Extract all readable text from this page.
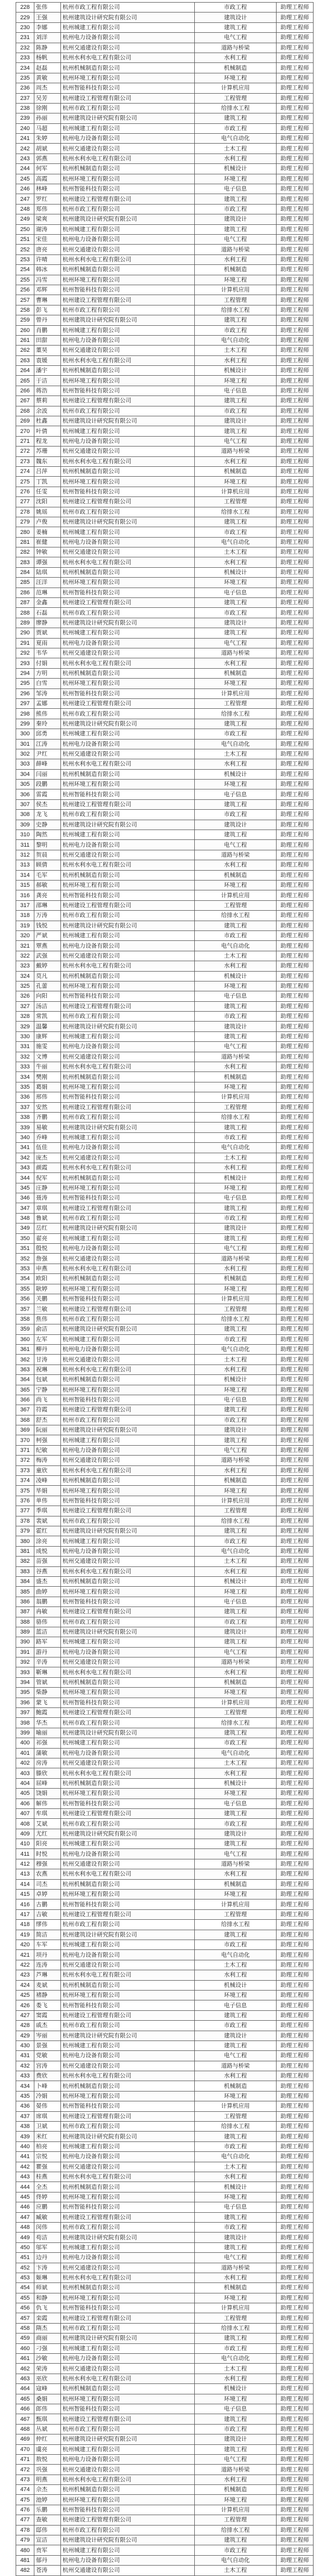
228	张伟	杭州市政工程有限公司	市政工程	助理工程师
229	王强	杭州建筑设计研究院有限公司	建筑设计	助理工程师
230	李娜	杭州城建工程有限公司	建筑工程	助理工程师
231	刘洋	杭州电力设备有限公司	电气工程	助理工程师
232	陈静	杭州交通建设有限公司	道路与桥梁	助理工程师
233	杨帆	杭州水利水电工程有限公司	水利工程	助理工程师
234	赵磊	杭州机械制造有限公司	机械制造	助理工程师
235	黄敏	杭州环境工程有限公司	环境工程	助理工程师
236	周杰	杭州智能科技有限公司	计算机应用	助理工程师
237	吴芳	杭州建设工程管理有限公司	工程管理	助理工程师
238	徐刚	杭州市政工程有限公司	给排水工程	助理工程师
239	孙丽	杭州建筑设计研究院有限公司	建筑工程	助理工程师
240	马超	杭州城建工程有限公司	市政工程	助理工程师
241	朱婷	杭州电力设备有限公司	电气自动化	助理工程师
242	胡斌	杭州交通建设有限公司	土木工程	助理工程师
243	郭燕	杭州水利水电工程有限公司	水利工程	助理工程师
244	何军	杭州机械制造有限公司	机械设计	助理工程师
245	高霞	杭州环境工程有限公司	环境工程	助理工程师
246	林峰	杭州智能科技有限公司	电子信息	助理工程师
247	罗红	杭州建设工程管理有限公司	建筑工程	助理工程师
248	郑伟	杭州市政工程有限公司	市政工程	助理工程师
249	梁爽	杭州建筑设计研究院有限公司	建筑设计	助理工程师
250	谢涛	杭州城建工程有限公司	建筑工程	助理工程师
251	宋佳	杭州电力设备有限公司	电气工程	助理工程师
252	唐亮	杭州交通建设有限公司	道路与桥梁	助理工程师
253	许晴	杭州水利水电工程有限公司	水利工程	助理工程师
254	韩冰	杭州机械制造有限公司	机械制造	助理工程师
255	冯雪	杭州环境工程有限公司	环境工程	助理工程师
256	邓辉	杭州智能科技有限公司	计算机应用	助理工程师
257	曹琳	杭州建设工程管理有限公司	工程管理	助理工程师
258	彭飞	杭州市政工程有限公司	给排水工程	助理工程师
259	曾丹	杭州建筑设计研究院有限公司	建筑工程	助理工程师
260	肖鹏	杭州城建工程有限公司	市政工程	助理工程师
261	田甜	杭州电力设备有限公司	电气自动化	助理工程师
262	董昊	杭州交通建设有限公司	土木工程	助理工程师
263	袁媛	杭州水利水电工程有限公司	水利工程	助理工程师
264	潘宇	杭州机械制造有限公司	机械设计	助理工程师
265	于洁	杭州环境工程有限公司	环境工程	助理工程师
266	蒋浩	杭州智能科技有限公司	电子信息	助理工程师
267	蔡莉	杭州建设工程管理有限公司	建筑工程	助理工程师
268	余波	杭州市政工程有限公司	市政工程	助理工程师
269	杜鑫	杭州建筑设计研究院有限公司	建筑设计	助理工程师
270	叶倩	杭州城建工程有限公司	建筑工程	助理工程师
271	程龙	杭州电力设备有限公司	电气工程	助理工程师
272	苏珊	杭州交通建设有限公司	道路与桥梁	助理工程师
273	魏东	杭州水利水电工程有限公司	水利工程	助理工程师
274	吕萍	杭州机械制造有限公司	机械制造	助理工程师
275	丁凯	杭州环境工程有限公司	环境工程	助理工程师
276	任雯	杭州智能科技有限公司	计算机应用	助理工程师
277	沈阳	杭州建设工程管理有限公司	工程管理	助理工程师
278	姚瑶	杭州市政工程有限公司	给排水工程	助理工程师
279	卢俊	杭州建筑设计研究院有限公司	建筑工程	助理工程师
280	姜楠	杭州城建工程有限公司	市政工程	助理工程师
281	崔健	杭州电力设备有限公司	电气自动化	助理工程师
282	钟敏	杭州交通建设有限公司	土木工程	助理工程师
283	谭强	杭州水利水电工程有限公司	水利工程	助理工程师
284	陆琪	杭州机械制造有限公司	机械设计	助理工程师
285	汪洋	杭州环境工程有限公司	环境工程	助理工程师
286	范琳	杭州智能科技有限公司	电子信息	助理工程师
287	金鑫	杭州建设工程管理有限公司	建筑工程	助理工程师
288	石磊	杭州市政工程有限公司	市政工程	助理工程师
289	廖静	杭州建筑设计研究院有限公司	建筑设计	助理工程师
290	贾斌	杭州城建工程有限公司	建筑工程	助理工程师
291	夏雨	杭州电力设备有限公司	电气工程	助理工程师
292	韦华	杭州交通建设有限公司	道路与桥梁	助理工程师
293	付娟	杭州水利水电工程有限公司	水利工程	助理工程师
294	方明	杭州机械制造有限公司	机械制造	助理工程师
295	白雪	杭州环境工程有限公司	环境工程	助理工程师
296	邹涛	杭州智能科技有限公司	计算机应用	助理工程师
297	孟娜	杭州建设工程管理有限公司	工程管理	助理工程师
298	熊伟	杭州市政工程有限公司	给排水工程	助理工程师
299	秦玲	杭州建筑设计研究院有限公司	建筑工程	助理工程师
300	邱勇	杭州城建工程有限公司	市政工程	助理工程师
301	江涛	杭州电力设备有限公司	电气自动化	助理工程师
302	尹红	杭州交通建设有限公司	土木工程	助理工程师
303	薛峰	杭州水利水电工程有限公司	水利工程	助理工程师
304	闫丽	杭州机械制造有限公司	机械设计	助理工程师
305	段鹏	杭州环境工程有限公司	环境工程	助理工程师
306	雷霞	杭州智能科技有限公司	电子信息	助理工程师
307	侯杰	杭州建设工程管理有限公司	建筑工程	助理工程师
308	龙飞	杭州市政工程有限公司	市政工程	助理工程师
309	史静	杭州建筑设计研究院有限公司	建筑设计	助理工程师
310	陶然	杭州城建工程有限公司	建筑工程	助理工程师
311	黎明	杭州电力设备有限公司	电气工程	助理工程师
312	贺晨	杭州交通建设有限公司	道路与桥梁	助理工程师
313	顾倩	杭州水利水电工程有限公司	水利工程	助理工程师
314	毛军	杭州机械制造有限公司	机械制造	助理工程师
315	郝敏	杭州环境工程有限公司	环境工程	助理工程师
316	龚亮	杭州智能科技有限公司	计算机应用	助理工程师
317	邵琳	杭州建设工程管理有限公司	工程管理	助理工程师
318	万涛	杭州市政工程有限公司	给排水工程	助理工程师
319	钱悦	杭州建筑设计研究院有限公司	建筑工程	助理工程师
320	严斌	杭州城建工程有限公司	市政工程	助理工程师
321	覃燕	杭州电力设备有限公司	电气自动化	助理工程师
322	武强	杭州交通建设有限公司	土木工程	助理工程师
323	戴婷	杭州水利水电工程有限公司	水利工程	助理工程师
324	莫凡	杭州机械制造有限公司	机械设计	助理工程师
325	孔蕾	杭州环境工程有限公司	环境工程	助理工程师
326	向阳	杭州智能科技有限公司	电子信息	助理工程师
327	汤洁	杭州建设工程管理有限公司	建筑工程	助理工程师
328	常凯	杭州市政工程有限公司	市政工程	助理工程师
329	温馨	杭州建筑设计研究院有限公司	建筑设计	助理工程师
330	康辉	杭州城建工程有限公司	建筑工程	助理工程师
331	施雯	杭州电力设备有限公司	电气工程	助理工程师
332	文博	杭州交通建设有限公司	道路与桥梁	助理工程师
333	牛丽	杭州水利水电工程有限公司	水利工程	助理工程师
334	樊刚	杭州机械制造有限公司	机械制造	助理工程师
335	葛娟	杭州环境工程有限公司	环境工程	助理工程师
336	邢伟	杭州智能科技有限公司	计算机应用	助理工程师
337	安然	杭州建设工程管理有限公司	工程管理	助理工程师
338	齐鹏	杭州市政工程有限公司	给排水工程	助理工程师
339	易敏	杭州建筑设计研究院有限公司	建筑工程	助理工程师
340	乔峰	杭州城建工程有限公司	市政工程	助理工程师
341	伍佳	杭州电力设备有限公司	电气自动化	助理工程师
342	庞杰	杭州交通建设有限公司	土木工程	助理工程师
343	颜霞	杭州水利水电工程有限公司	水利工程	助理工程师
344	倪军	杭州机械制造有限公司	机械设计	助理工程师
345	庄静	杭州环境工程有限公司	环境工程	助理工程师
346	聂涛	杭州智能科技有限公司	电子信息	助理工程师
347	章琪	杭州建设工程管理有限公司	建筑工程	助理工程师
348	鲁斌	杭州市政工程有限公司	市政工程	助理工程师
349	岳红	杭州建筑设计研究院有限公司	建筑设计	助理工程师
350	翟亮	杭州城建工程有限公司	建筑工程	助理工程师
351	殷悦	杭州电力设备有限公司	电气工程	助理工程师
352	詹强	杭州交通建设有限公司	道路与桥梁	助理工程师
353	申燕	杭州水利水电工程有限公司	水利工程	助理工程师
354	欧阳	杭州机械制造有限公司	机械制造	助理工程师
355	耿婷	杭州环境工程有限公司	环境工程	助理工程师
356	关鹏	杭州智能科技有限公司	计算机应用	助理工程师
357	兰敏	杭州建设工程管理有限公司	工程管理	助理工程师
358	焦伟	杭州市政工程有限公司	给排水工程	助理工程师
359	俞洁	杭州建筑设计研究院有限公司	建筑工程	助理工程师
360	左军	杭州城建工程有限公司	市政工程	助理工程师
361	柳丹	杭州电力设备有限公司	电气自动化	助理工程师
362	甘涛	杭州交通建设有限公司	土木工程	助理工程师
363	祝琳	杭州水利水电工程有限公司	水利工程	助理工程师
364	包斌	杭州机械制造有限公司	机械设计	助理工程师
365	宁静	杭州环境工程有限公司	环境工程	助理工程师
366	尚飞	杭州智能科技有限公司	电子信息	助理工程师
367	符霞	杭州建设工程管理有限公司	建筑工程	助理工程师
368	舒杰	杭州市政工程有限公司	市政工程	助理工程师
369	阮丽	杭州建筑设计研究院有限公司	建筑设计	助理工程师
370	柯强	杭州城建工程有限公司	建筑工程	助理工程师
371	纪敏	杭州电力设备有限公司	电气工程	助理工程师
372	梅涛	杭州交通建设有限公司	道路与桥梁	助理工程师
373	童欣	杭州水利水电工程有限公司	水利工程	助理工程师
374	凌峰	杭州机械制造有限公司	机械制造	助理工程师
375	毕娟	杭州环境工程有限公司	环境工程	助理工程师
376	单伟	杭州智能科技有限公司	计算机应用	助理工程师
377	季琪	杭州建设工程管理有限公司	工程管理	助理工程师
378	裴斌	杭州市政工程有限公司	给排水工程	助理工程师
379	霍红	杭州建筑设计研究院有限公司	建筑工程	助理工程师
380	涂亮	杭州城建工程有限公司	市政工程	助理工程师
381	成悦	杭州电力设备有限公司	电气自动化	助理工程师
382	苗强	杭州交通建设有限公司	土木工程	助理工程师
383	谷燕	杭州水利水电工程有限公司	水利工程	助理工程师
384	盛杰	杭州机械制造有限公司	机械设计	助理工程师
385	曲婷	杭州环境工程有限公司	环境工程	助理工程师
386	翁鹏	杭州智能科技有限公司	电子信息	助理工程师
387	冉敏	杭州建设工程管理有限公司	建筑工程	助理工程师
388	骆伟	杭州市政工程有限公司	市政工程	助理工程师
389	蓝洁	杭州建筑设计研究院有限公司	建筑设计	助理工程师
390	路军	杭州城建工程有限公司	建筑工程	助理工程师
391	游丹	杭州电力设备有限公司	电气工程	助理工程师
392	辛涛	杭州交通建设有限公司	道路与桥梁	助理工程师
393	靳琳	杭州水利水电工程有限公司	水利工程	助理工程师
394	管斌	杭州机械制造有限公司	机械制造	助理工程师
395	柴静	杭州环境工程有限公司	环境工程	助理工程师
396	蒙飞	杭州智能科技有限公司	计算机应用	助理工程师
397	鲍霞	杭州建设工程管理有限公司	工程管理	助理工程师
398	华杰	杭州市政工程有限公司	给排水工程	助理工程师
399	喻丽	杭州建筑设计研究院有限公司	建筑工程	助理工程师
400	祁强	杭州城建工程有限公司	市政工程	助理工程师
401	蒲敏	杭州电力设备有限公司	电气自动化	助理工程师
402	房涛	杭州交通建设有限公司	土木工程	助理工程师
403	滕欣	杭州水利水电工程有限公司	水利工程	助理工程师
404	屈峰	杭州机械制造有限公司	机械设计	助理工程师
405	饶娟	杭州环境工程有限公司	环境工程	助理工程师
406	解伟	杭州智能科技有限公司	电子信息	助理工程师
407	牟琪	杭州建设工程管理有限公司	建筑工程	助理工程师
408	艾斌	杭州市政工程有限公司	市政工程	助理工程师
409	尤红	杭州建筑设计研究院有限公司	建筑设计	助理工程师
410	阳亮	杭州城建工程有限公司	建筑工程	助理工程师
411	时悦	杭州电力设备有限公司	电气工程	助理工程师
412	穆强	杭州交通建设有限公司	道路与桥梁	助理工程师
413	农燕	杭州水利水电工程有限公司	水利工程	助理工程师
414	司杰	杭州机械制造有限公司	机械制造	助理工程师
415	卓婷	杭州环境工程有限公司	环境工程	助理工程师
416	古鹏	杭州智能科技有限公司	计算机应用	助理工程师
417	吉敏	杭州建设工程管理有限公司	工程管理	助理工程师
418	缪伟	杭州市政工程有限公司	给排水工程	助理工程师
419	简洁	杭州建筑设计研究院有限公司	建筑工程	助理工程师
420	车军	杭州城建工程有限公司	市政工程	助理工程师
421	项丹	杭州电力设备有限公司	电气自动化	助理工程师
422	连涛	杭州交通建设有限公司	土木工程	助理工程师
423	芦琳	杭州水利水电工程有限公司	水利工程	助理工程师
424	麦斌	杭州机械制造有限公司	机械设计	助理工程师
425	褚静	杭州环境工程有限公司	环境工程	助理工程师
426	娄飞	杭州智能科技有限公司	电子信息	助理工程师
427	窦霞	杭州建设工程管理有限公司	建筑工程	助理工程师
428	戚杰	杭州市政工程有限公司	市政工程	助理工程师
429	岑丽	杭州建筑设计研究院有限公司	建筑设计	助理工程师
430	景强	杭州城建工程有限公司	建筑工程	助理工程师
431	党敏	杭州电力设备有限公司	电气工程	助理工程师
432	宫涛	杭州交通建设有限公司	道路与桥梁	助理工程师
433	费欣	杭州水利水电工程有限公司	水利工程	助理工程师
434	卜峰	杭州机械制造有限公司	机械制造	助理工程师
435	冷娟	杭州环境工程有限公司	环境工程	助理工程师
436	晏伟	杭州智能科技有限公司	计算机应用	助理工程师
437	席琪	杭州建设工程管理有限公司	工程管理	助理工程师
438	卫斌	杭州市政工程有限公司	给排水工程	助理工程师
439	米红	杭州建筑设计研究院有限公司	建筑工程	助理工程师
440	柏亮	杭州城建工程有限公司	市政工程	助理工程师
441	宗悦	杭州电力设备有限公司	电气自动化	助理工程师
442	瞿强	杭州交通建设有限公司	土木工程	助理工程师
443	桂燕	杭州水利水电工程有限公司	水利工程	助理工程师
444	全杰	杭州机械制造有限公司	机械设计	助理工程师
445	佟婷	杭州环境工程有限公司	环境工程	助理工程师
446	应鹏	杭州智能科技有限公司	电子信息	助理工程师
447	臧敏	杭州建设工程管理有限公司	建筑工程	助理工程师
448	闵伟	杭州市政工程有限公司	市政工程	助理工程师
449	苟洁	杭州建筑设计研究院有限公司	建筑设计	助理工程师
450	邬军	杭州城建工程有限公司	建筑工程	助理工程师
451	边丹	杭州电力设备有限公司	电气工程	助理工程师
452	卞涛	杭州交通建设有限公司	道路与桥梁	助理工程师
453	姬琳	杭州水利水电工程有限公司	水利工程	助理工程师
454	师斌	杭州机械制造有限公司	机械制造	助理工程师
455	和静	杭州环境工程有限公司	环境工程	助理工程师
456	仇飞	杭州智能科技有限公司	计算机应用	助理工程师
457	栾霞	杭州建设工程管理有限公司	工程管理	助理工程师
458	隋杰	杭州市政工程有限公司	给排水工程	助理工程师
459	商丽	杭州建筑设计研究院有限公司	建筑工程	助理工程师
460	刁强	杭州城建工程有限公司	市政工程	助理工程师
461	沙敏	杭州电力设备有限公司	电气自动化	助理工程师
462	荣涛	杭州交通建设有限公司	土木工程	助理工程师
463	巫欣	杭州水利水电工程有限公司	水利工程	助理工程师
464	寇峰	杭州机械制造有限公司	机械设计	助理工程师
465	桑娟	杭州环境工程有限公司	环境工程	助理工程师
466	郎伟	杭州智能科技有限公司	电子信息	助理工程师
467	甄琪	杭州建设工程管理有限公司	建筑工程	助理工程师
468	丛斌	杭州市政工程有限公司	市政工程	助理工程师
469	仲红	杭州建筑设计研究院有限公司	建筑设计	助理工程师
470	虞亮	杭州城建工程有限公司	建筑工程	助理工程师
471	敖悦	杭州电力设备有限公司	电气工程	助理工程师
472	巩强	杭州交通建设有限公司	道路与桥梁	助理工程师
473	明燕	杭州水利水电工程有限公司	水利工程	助理工程师
474	佘杰	杭州机械制造有限公司	机械制造	助理工程师
475	池婷	杭州环境工程有限公司	环境工程	助理工程师
476	乐鹏	杭州智能科技有限公司	计算机应用	助理工程师
477	查敏	杭州建设工程管理有限公司	工程管理	助理工程师
478	邸伟	杭州市政工程有限公司	给排水工程	助理工程师
479	宣洁	杭州建筑设计研究院有限公司	建筑工程	助理工程师
480	贲军	杭州城建工程有限公司	市政工程	助理工程师
481	郁丹	杭州电力设备有限公司	电气自动化	助理工程师
482	苍涛	杭州交通建设有限公司	土木工程	助理工程师
